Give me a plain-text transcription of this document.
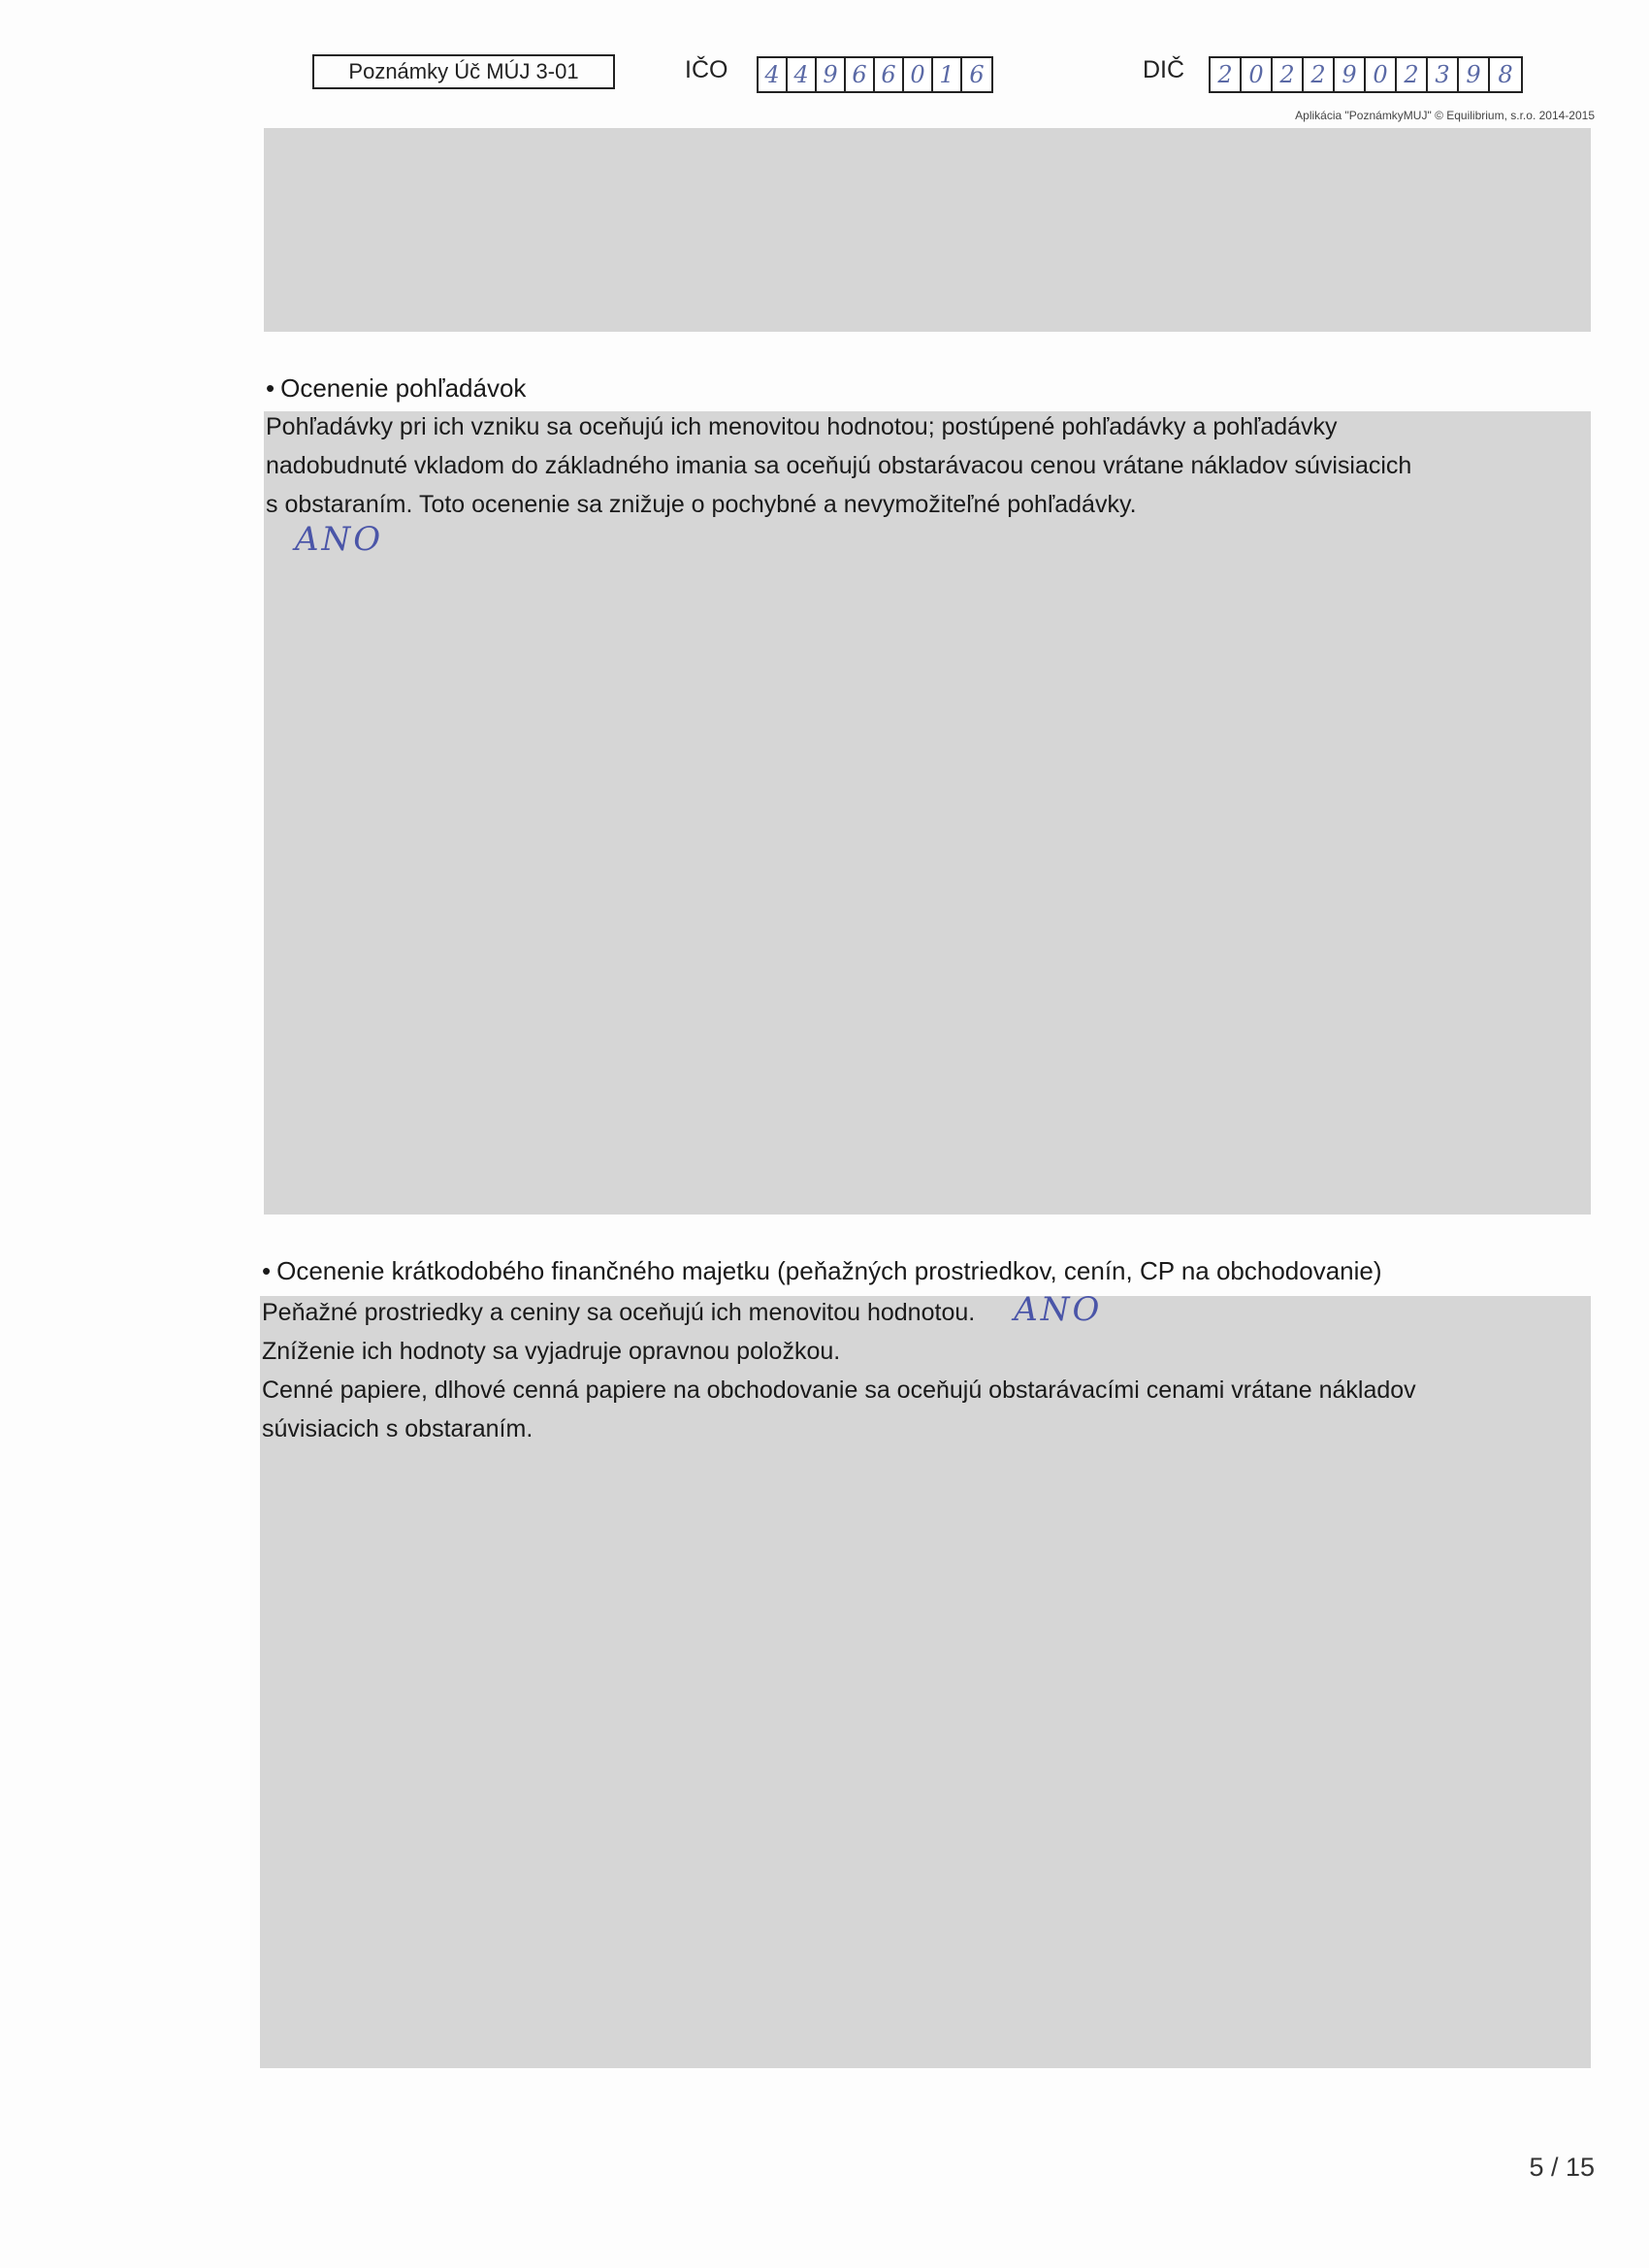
Poznámky Úč MÚJ 3-01	IČO 4 4 9 6 6 0 1 6	DIČ	2 0 2 2 9 0 2 3 9 8
Aplikácia "PoznámkyMUJ" © Equilibrium, s.r.o. 2014-2015
• Ocenenie pohľadávok

Pohľadávky pri ich vzniku sa oceňujú ich menovitou hodnotou; postúpené pohľadávky a pohľadávky

nadobudnuté vkladom do základného imania sa oceňujú obstarávacou cenou vrátane nákladov súvisiacich

s obstaraním. Toto ocenenie sa znižuje o pochybné a nevymožiteľné pohľadávky.

ANO
• Ocenenie krátkodobého finančného majetku (peňažných prostriedkov, cenín, CP na obchodovanie)

Peňažné prostriedky a ceniny sa oceňujú ich menovitou hodnotou. ANO

Zníženie ich hodnoty sa vyjadruje opravnou položkou.

Cenné papiere, dlhové cenná papiere na obchodovanie sa oceňujú obstarávacími cenami vrátane nákladov

súvisiacich s obstaraním.

5 / 15
